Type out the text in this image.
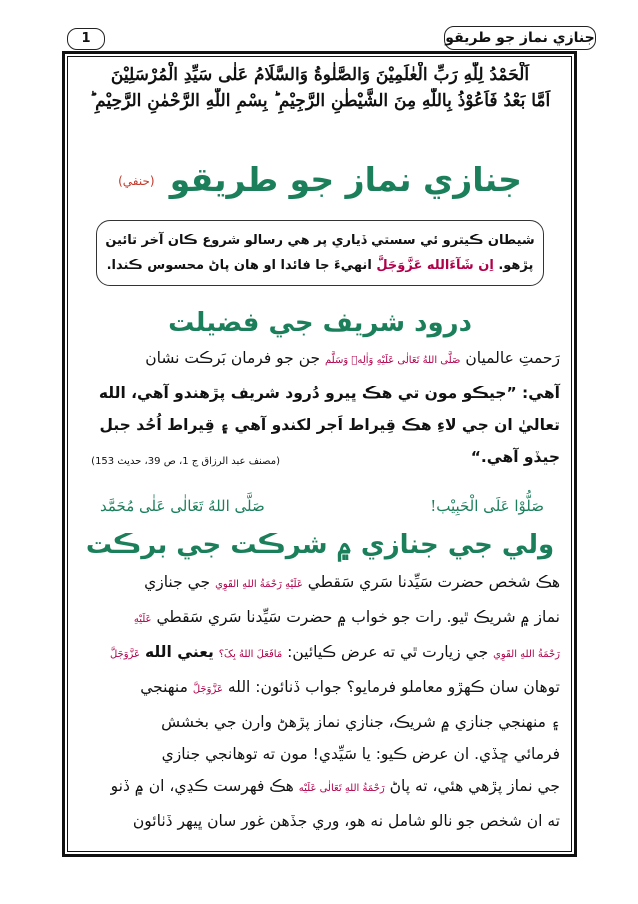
1	جنازي نماز جو طريقو
اَلْحَمْدُ لِلّٰهِ رَبِّ الْعٰلَمِيْنَ وَالصَّلٰوةُ وَالسَّلَامُ عَلٰى سَيِّدِ الْمُرْسَلِيْنَ
اَمَّا بَعْدُ فَاَعُوْذُ بِاللّٰهِ مِنَ الشَّيْطٰنِ الرَّجِيْمِ ؕ بِسْمِ اللّٰهِ الرَّحْمٰنِ الرَّحِيْمِ ؕ
جنازي نماز جو طريقو $^{(حنفي)}$
شيطان ڪيترو ئي سستي ڏياري پر هي رسالو شروع ڪان آخر تائين
پڙهو. اِن شَآءَالله عَزَّوَجَلَّ انهيءَ جا فائدا او هان پاڻ محسوس ڪندا.
درود شريف جي فضيلت
رَحمتِ عالميان صَلَّى اللهُ تَعَالٰى عَلَيْهِ وَاٰلِهٖ وَسَلَّم جن جو فرمان بَرڪت نشان
آهي: ”جيڪو مون تي هڪ ڀيرو دُرود شريف پڙهندو آهي، الله
تعاليٰ ان جي لاءِ هڪ قِيراط اَجر لکندو آهي ۽ قِيراط اُحُد جبل
جيڏو آهي.“
(مصنف عبد الرزاق ج 1، ص 39، حديث 153)
صَلُّوْا عَلَى الْحَبِيْب!
صَلَّى اللهُ تَعَالٰى عَلٰى مُحَمَّد
ولي جي جنازي ۾ شرڪت جي برڪت
هڪ شخص حضرت سَيِّدنا سَري سَقطي عَلَيْهِ رَحْمَةُ اللهِ القَوِي جي جنازي
نماز ۾ شريڪ ٿيو. رات جو خواب ۾ حضرت سَيِّدنا سَري سَقطي عَلَيْهِ
رَحْمَةُ اللهِ القَوِي جي زيارت ٿي ته عرض ڪيائين: مَافَعَلَ اللهُ بِکَ؟ يعني الله عَزَّوَجَلَّ
توهان سان ڪهڙو معاملو فرمايو؟ جواب ڏنائون: الله عَزَّوَجَلَّ منهنجي
۽ منهنجي جنازي ۾ شريڪ، جنازي نماز پڙهڻ وارن جي بخشش
فرمائي ڇڏي. ان عرض ڪيو: يا سَيِّدي! مون ته توهانجي جنازي
جي نماز پڙهي هئي، ته پاڻ رَحْمَةُ اللهِ تَعَالٰى عَلَيْه هڪ فهرست ڪڍي، ان ۾ ڏنو
ته ان شخص جو نالو شامل نه هو، وري جڏهن غور سان ڀيهر ڏٺائون
